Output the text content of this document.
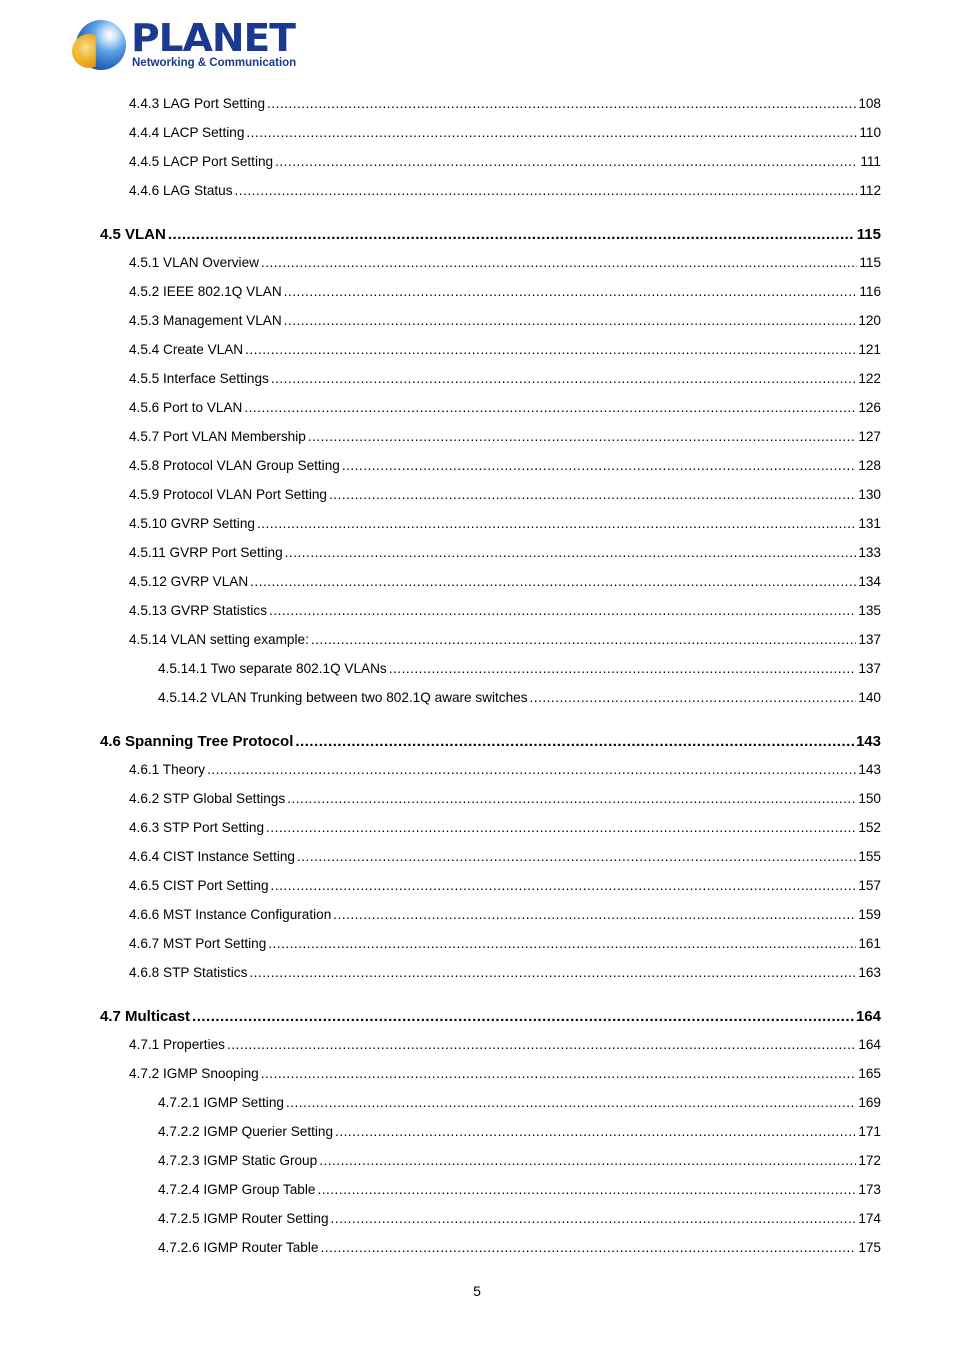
PLANET
Networking & Communication
4.4.3 LAG Port Setting .....	108
4.4.4 LACP Setting .....	110
4.4.5 LACP Port Setting .....	111
4.4.6 LAG Status .....	112
4.5 VLAN .....	115
4.5.1 VLAN Overview .....	115
4.5.2 IEEE 802.1Q VLAN .....	116
4.5.3 Management VLAN .....	120
4.5.4 Create VLAN .....	121
4.5.5 Interface Settings .....	122
4.5.6 Port to VLAN .....	126
4.5.7 Port VLAN Membership .....	127
4.5.8 Protocol VLAN Group Setting .....	128
4.5.9 Protocol VLAN Port Setting .....	130
4.5.10 GVRP Setting .....	131
4.5.11 GVRP Port Setting .....	133
4.5.12 GVRP VLAN .....	134
4.5.13 GVRP Statistics .....	135
4.5.14 VLAN setting example: .....	137
4.5.14.1 Two separate 802.1Q VLANs .....	137
4.5.14.2 VLAN Trunking between two 802.1Q aware switches .....	140
4.6 Spanning Tree Protocol .....	143
4.6.1 Theory .....	143
4.6.2 STP Global Settings .....	150
4.6.3 STP Port Setting .....	152
4.6.4 CIST Instance Setting .....	155
4.6.5 CIST Port Setting .....	157
4.6.6 MST Instance Configuration .....	159
4.6.7 MST Port Setting .....	161
4.6.8 STP Statistics .....	163
4.7 Multicast .....	164
4.7.1 Properties .....	164
4.7.2 IGMP Snooping .....	165
4.7.2.1 IGMP Setting .....	169
4.7.2.2 IGMP Querier Setting .....	171
4.7.2.3 IGMP Static Group .....	172
4.7.2.4 IGMP Group Table .....	173
4.7.2.5 IGMP Router Setting .....	174
4.7.2.6 IGMP Router Table .....	175
5
